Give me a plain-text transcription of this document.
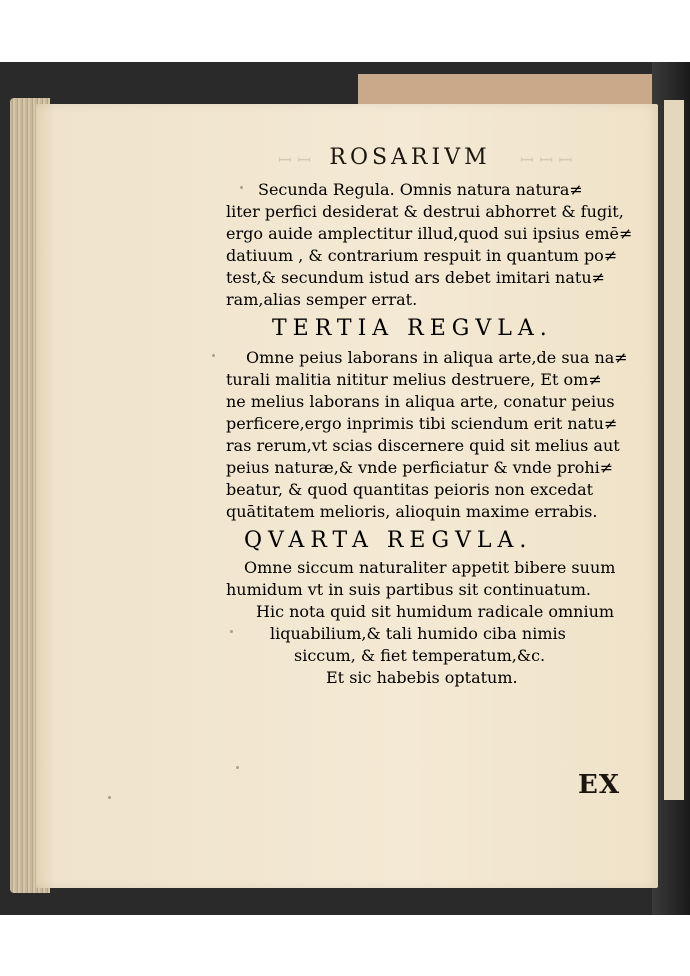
ꟷ ꟷ	ꟷ ꟷ ꟷ
ROSARIVM
Secunda Regula. Omnis natura natura≠
liter perfici desiderat & destrui abhorret & fugit,
ergo auide amplectitur illud,quod sui ipsius emē≠
datiuum , & contrarium respuit in quantum po≠
test,& secundum istud ars debet imitari natu≠
ram,alias semper errat.
TERTIA REGVLA.
Omne peius laborans in aliqua arte,de sua na≠
turali malitia nititur melius destruere, Et om≠
ne melius laborans in aliqua arte, conatur peius
perficere,ergo inprimis tibi sciendum erit natu≠
ras rerum,vt scias discernere quid sit melius aut
peius naturæ,& vnde perficiatur & vnde prohi≠
beatur, & quod quantitas peioris non excedat
quātitatem melioris, alioquin maxime errabis.
QVARTA REGVLA.
Omne siccum naturaliter appetit bibere suum
humidum vt in suis partibus sit continuatum.
Hic nota quid sit humidum radicale omnium
liquabilium,& tali humido ciba nimis
siccum, & fiet temperatum,&c.
Et sic habebis optatum.
EX
